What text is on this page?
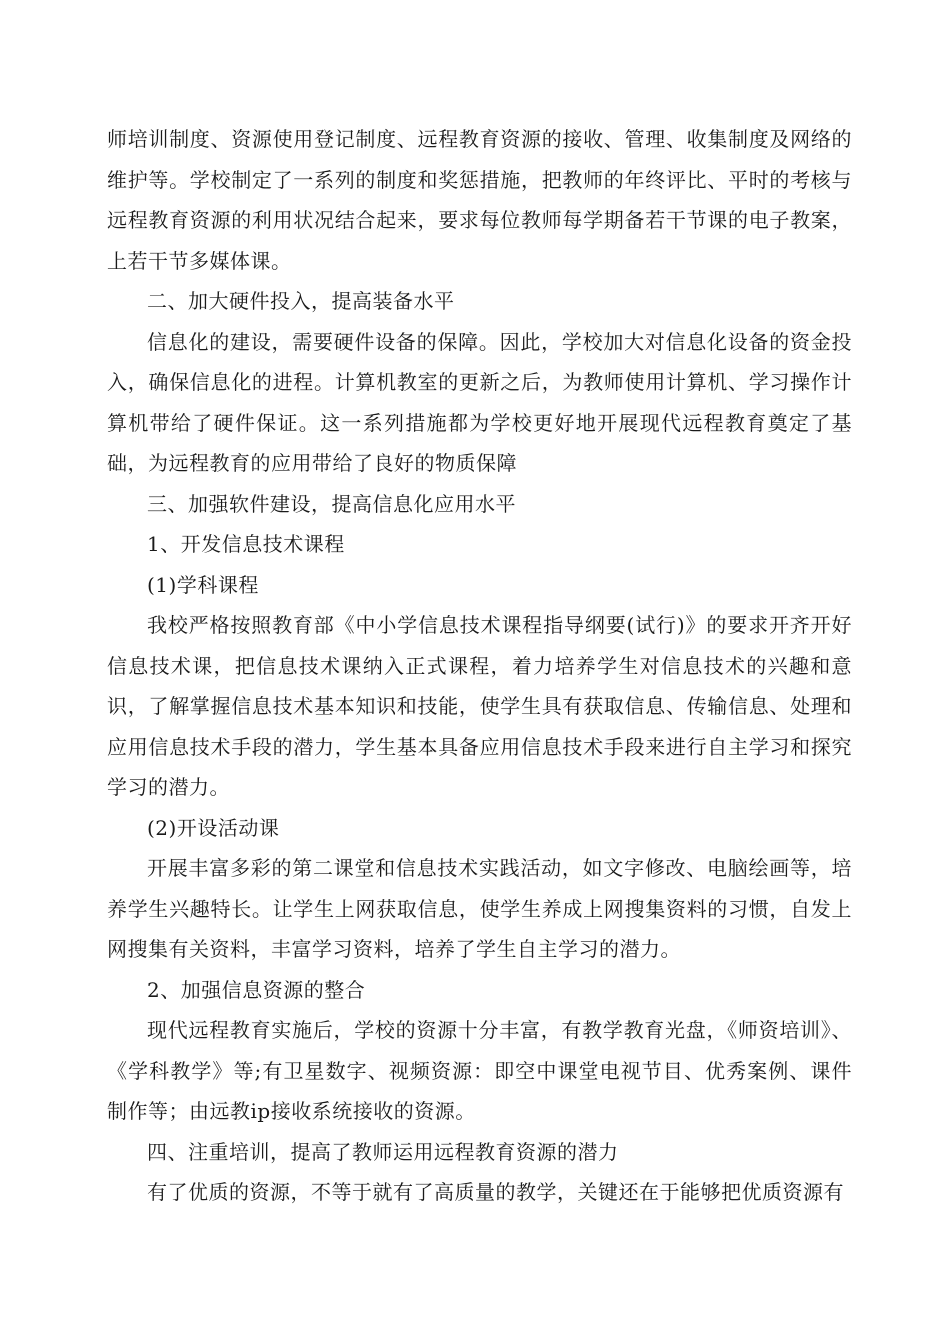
师培训制度、资源使用登记制度、远程教育资源的接收、管理、收集制度及网络的维护等。学校制定了一系列的制度和奖惩措施，把教师的年终评比、平时的考核与远程教育资源的利用状况结合起来，要求每位教师每学期备若干节课的电子教案，上若干节多媒体课。

二、加大硬件投入，提高装备水平

信息化的建设，需要硬件设备的保障。因此，学校加大对信息化设备的资金投入，确保信息化的进程。计算机教室的更新之后，为教师使用计算机、学习操作计算机带给了硬件保证。这一系列措施都为学校更好地开展现代远程教育奠定了基础，为远程教育的应用带给了良好的物质保障

三、加强软件建设，提高信息化应用水平

1、开发信息技术课程

(1)学科课程

我校严格按照教育部《中小学信息技术课程指导纲要(试行)》的要求开齐开好信息技术课，把信息技术课纳入正式课程，着力培养学生对信息技术的兴趣和意识，了解掌握信息技术基本知识和技能，使学生具有获取信息、传输信息、处理和应用信息技术手段的潜力，学生基本具备应用信息技术手段来进行自主学习和探究学习的潜力。

(2)开设活动课

开展丰富多彩的第二课堂和信息技术实践活动，如文字修改、电脑绘画等，培养学生兴趣特长。让学生上网获取信息，使学生养成上网搜集资料的习惯，自发上网搜集有关资料，丰富学习资料，培养了学生自主学习的潜力。

2、加强信息资源的整合

现代远程教育实施后，学校的资源十分丰富，有教学教育光盘，《师资培训》、《学科教学》等;有卫星数字、视频资源：即空中课堂电视节目、优秀案例、课件制作等；由远教ip接收系统接收的资源。

四、注重培训，提高了教师运用远程教育资源的潜力

有了优质的资源，不等于就有了高质量的教学，关键还在于能够把优质资源有
